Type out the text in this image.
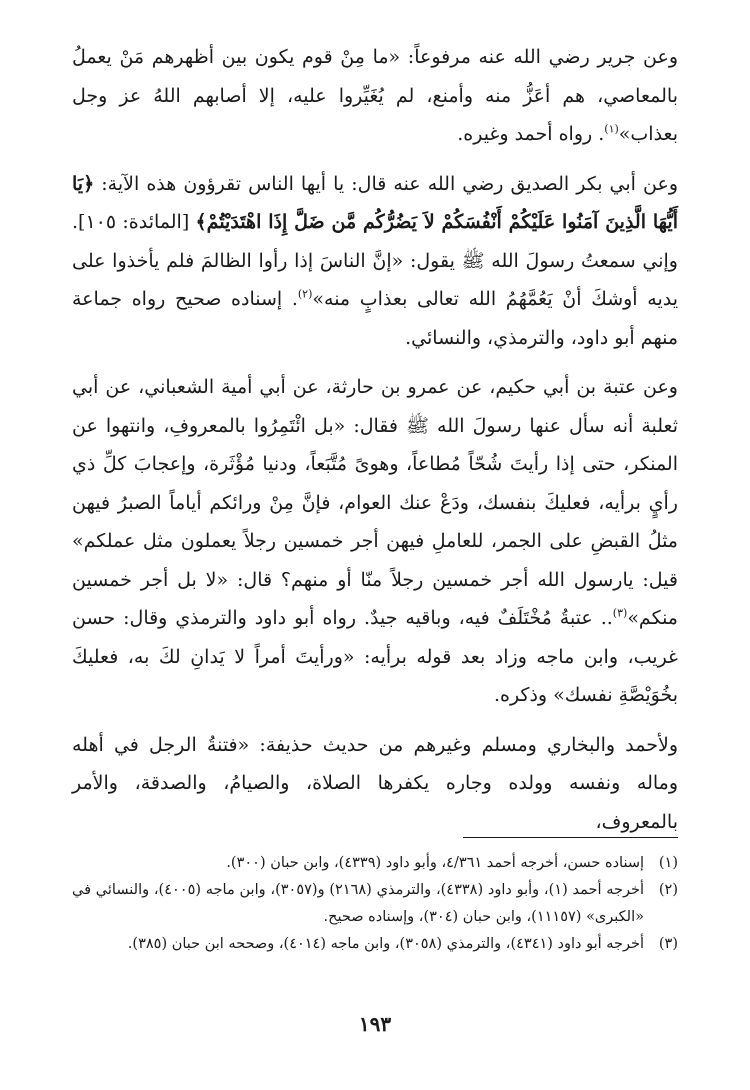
وعن جرير رضي الله عنه مرفوعاً: «ما مِنْ قوم يكون بين أظهرهم مَنْ يعملُ بالمعاصي، هم أعَزُّ منه وأمنع، لم يُغَيِّروا عليه، إلا أصابهم اللهُ عز وجل بعذاب»$^{(١)}$. رواه أحمد وغيره.

وعن أبي بكر الصديق رضي الله عنه قال: يا أيها الناس تقرؤون هذه الآية: ﴿يَا أَيُّهَا الَّذِينَ آمَنُوا عَلَيْكُمْ أَنْفُسَكُمْ لاَ يَضُرُّكُم مَّن ضَلَّ إِذَا اهْتَدَيْتُمْ﴾ [المائدة: ١٠٥]. وإني سمعتُ رسولَ الله ﷺ يقول: «إنَّ الناسَ إذا رأوا الظالمَ فلم يأخذوا على يديه أوشكَ أنْ يَعُمَّهُمُ الله تعالى بعذابٍ منه»$^{(٢)}$. إسناده صحيح رواه جماعة منهم أبو داود، والترمذي، والنسائي.

وعن عتبة بن أبي حكيم، عن عمرو بن حارثة، عن أبي أمية الشعباني، عن أبي ثعلبة أنه سأل عنها رسولَ الله ﷺ فقال: «بل ائْتَمِرُوا بالمعروفِ، وانتهوا عن المنكر، حتى إذا رأيتَ شُحّاً مُطاعاً، وهوىً مُتَّبَعاً، ودنيا مُؤْثَرة، وإعجابَ كلِّ ذي رأيٍ برأيه، فعليكَ بنفسك، ودَعْ عنك العوام، فإنَّ مِنْ ورائكم أياماً الصبرُ فيهن مثلُ القبضِ على الجمر، للعاملِ فيهن أجر خمسين رجلاً يعملون مثل عملكم» قيل: يارسول الله أجر خمسين رجلاً منّا أو منهم؟ قال: «لا بل أجر خمسين منكم»$^{(٣)}$.. عتبةُ مُخْتَلَفٌ فيه، وباقيه جيدٌ. رواه أبو داود والترمذي وقال: حسن غريب، وابن ماجه وزاد بعد قوله برأيه: «ورأيتَ أمراً لا يَدانِ لكَ به، فعليكَ بخُوَيْصَّةِ نفسك» وذكره.

ولأحمد والبخاري ومسلم وغيرهم من حديث حذيفة: «فتنةُ الرجل في أهله وماله ونفسه وولده وجاره يكفرها الصلاة، والصيامُ، والصدقة، والأمر بالمعروف،

(١)
إسناده حسن، أخرجه أحمد ٤/٣٦١، وأبو داود (٤٣٣٩)، وابن حبان (٣٠٠).
(٢)
أخرجه أحمد (١)، وأبو داود (٤٣٣٨)، والترمذي (٢١٦٨) و(٣٠٥٧)، وابن ماجه (٤٠٠٥)، والنسائي في «الكبرى» (١١١٥٧)، وابن حبان (٣٠٤)، وإسناده صحيح.
(٣)
أخرجه أبو داود (٤٣٤١)، والترمذي (٣٠٥٨)، وابن ماجه (٤٠١٤)، وصححه ابن حبان (٣٨٥).
١٩٣
